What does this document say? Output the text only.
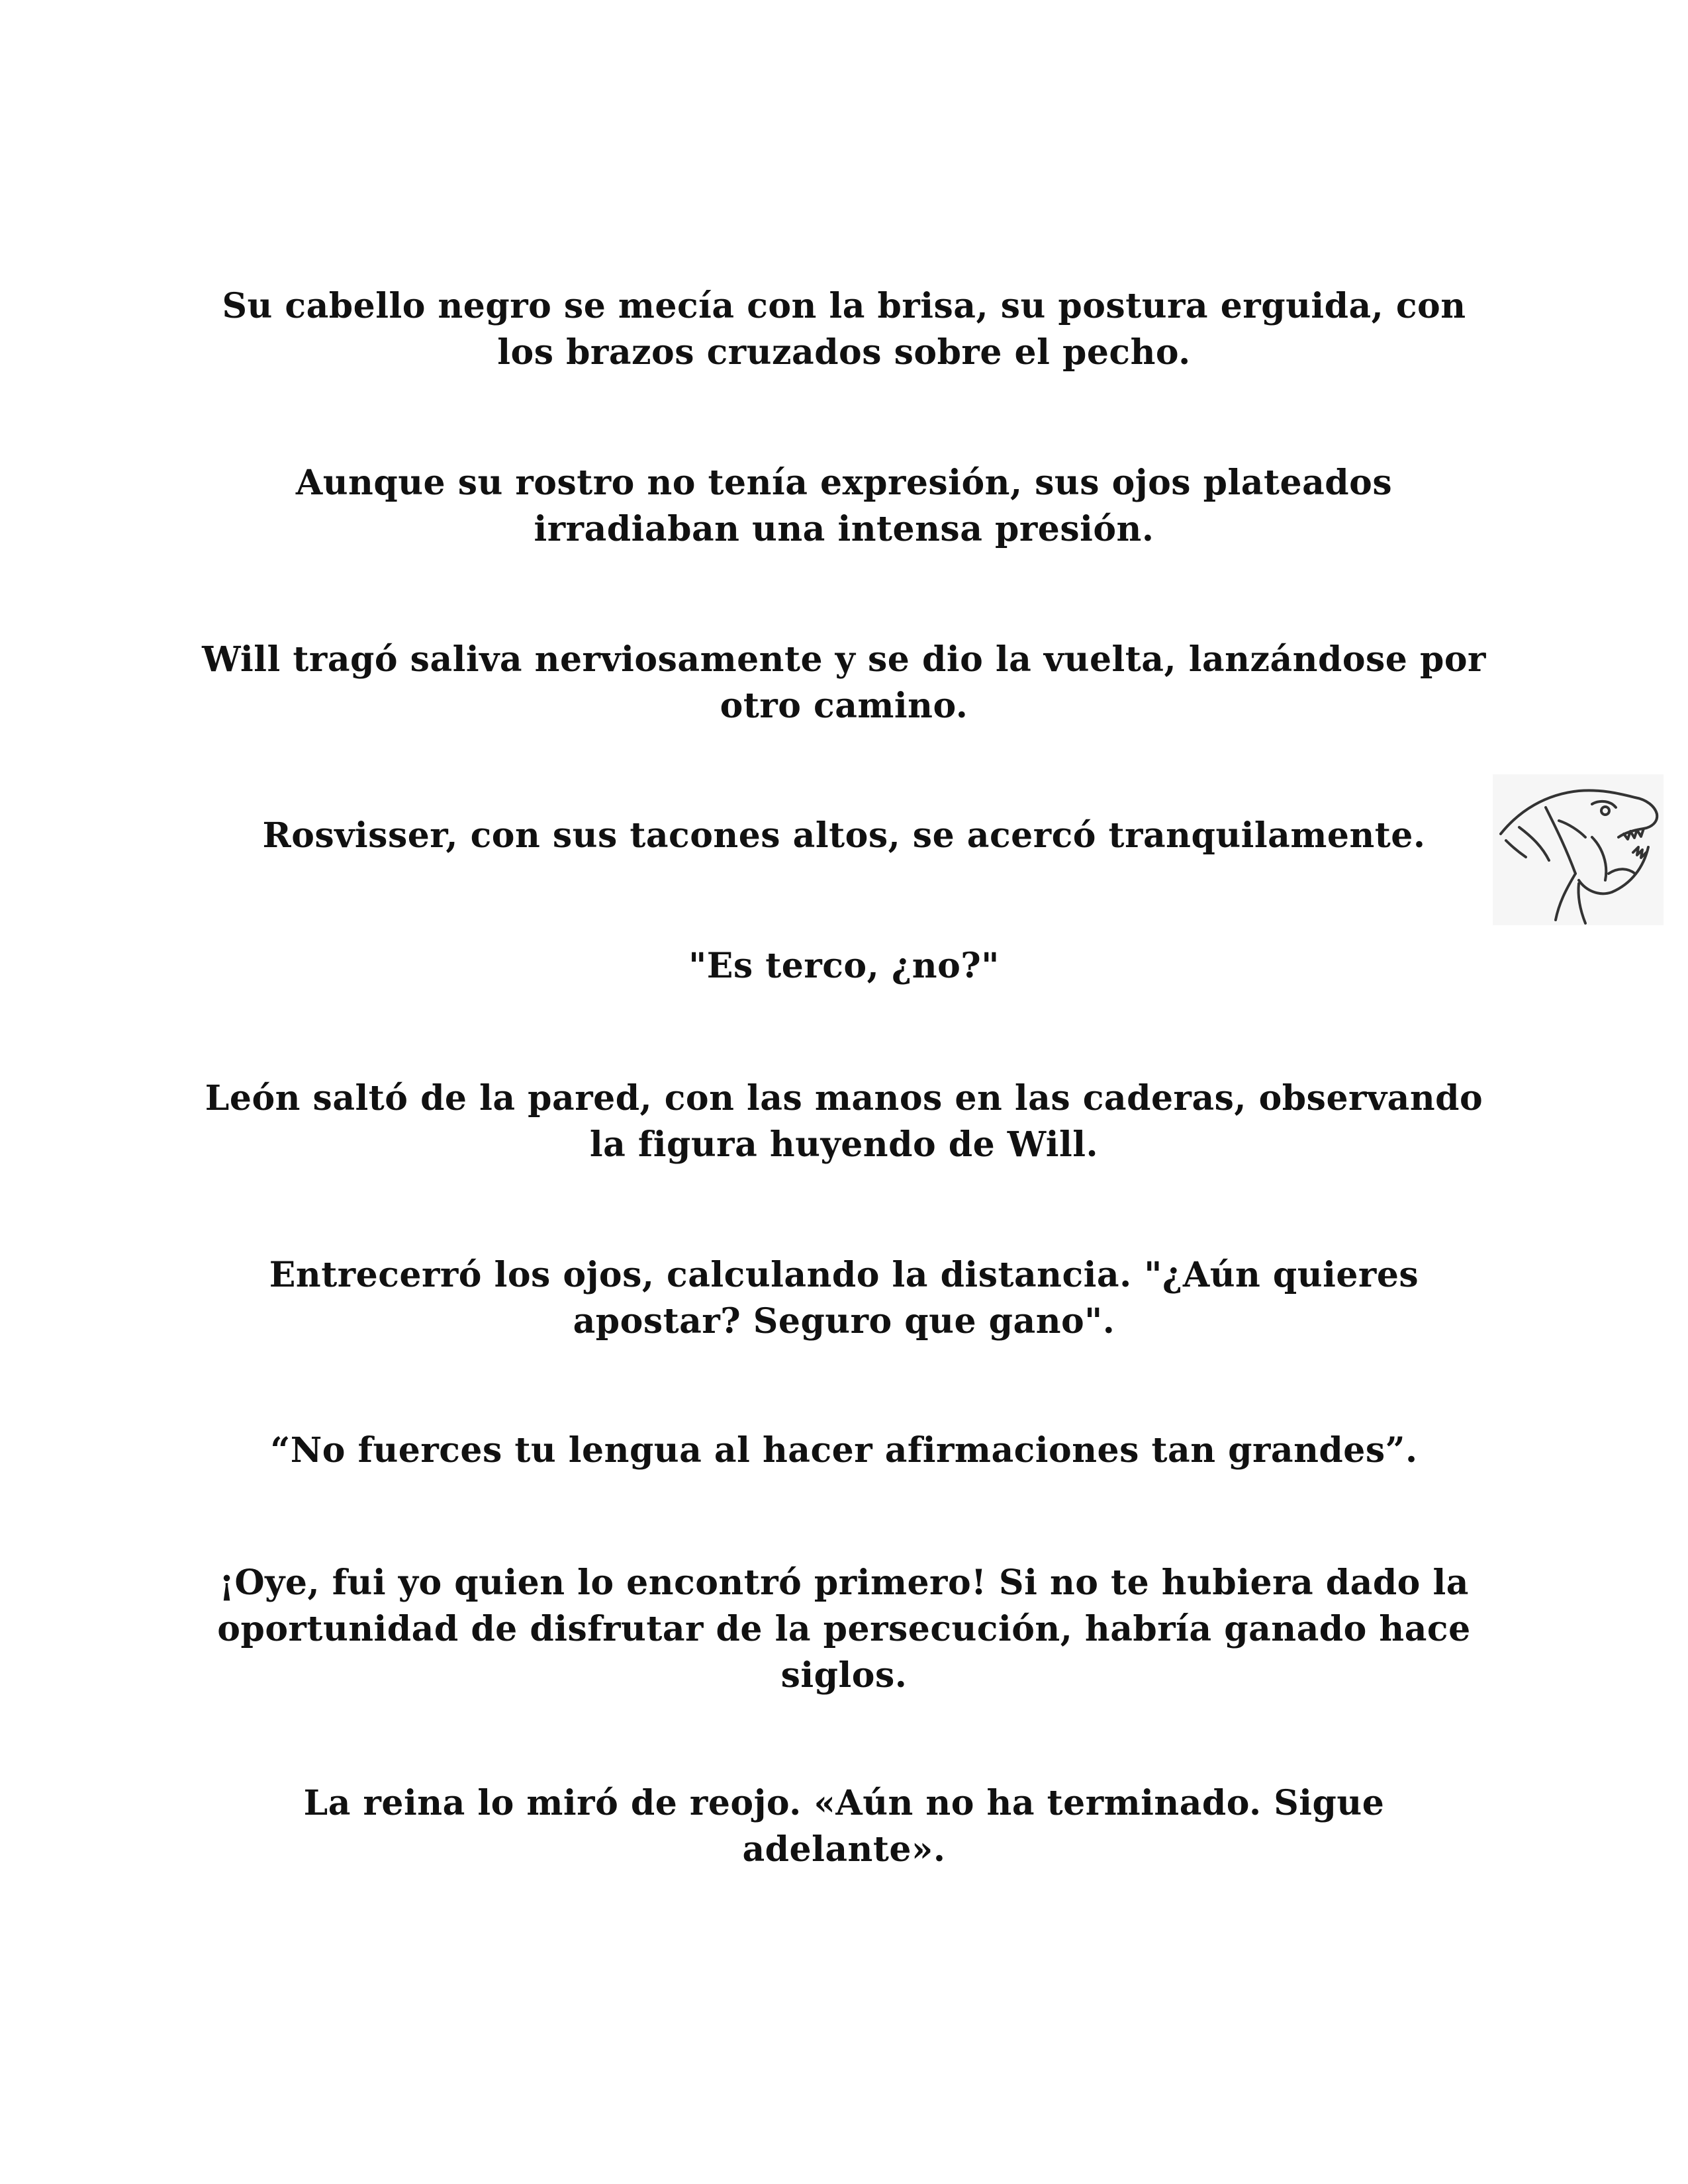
Su cabello negro se mecía con la brisa, su postura erguida, con los brazos cruzados sobre el pecho.

Aunque su rostro no tenía expresión, sus ojos plateados irradiaban una intensa presión.

Will tragó saliva nerviosamente y se dio la vuelta, lanzándose por otro camino.

Rosvisser, con sus tacones altos, se acercó tranquilamente.

"Es terco, ¿no?"

León saltó de la pared, con las manos en las caderas, observando la figura huyendo de Will.

Entrecerró los ojos, calculando la distancia. "¿Aún quieres apostar? Seguro que gano".

“No fuerces tu lengua al hacer afirmaciones tan grandes”.

¡Oye, fui yo quien lo encontró primero! Si no te hubiera dado la oportunidad de disfrutar de la persecución, habría ganado hace siglos.

La reina lo miró de reojo. «Aún no ha terminado. Sigue adelante».
